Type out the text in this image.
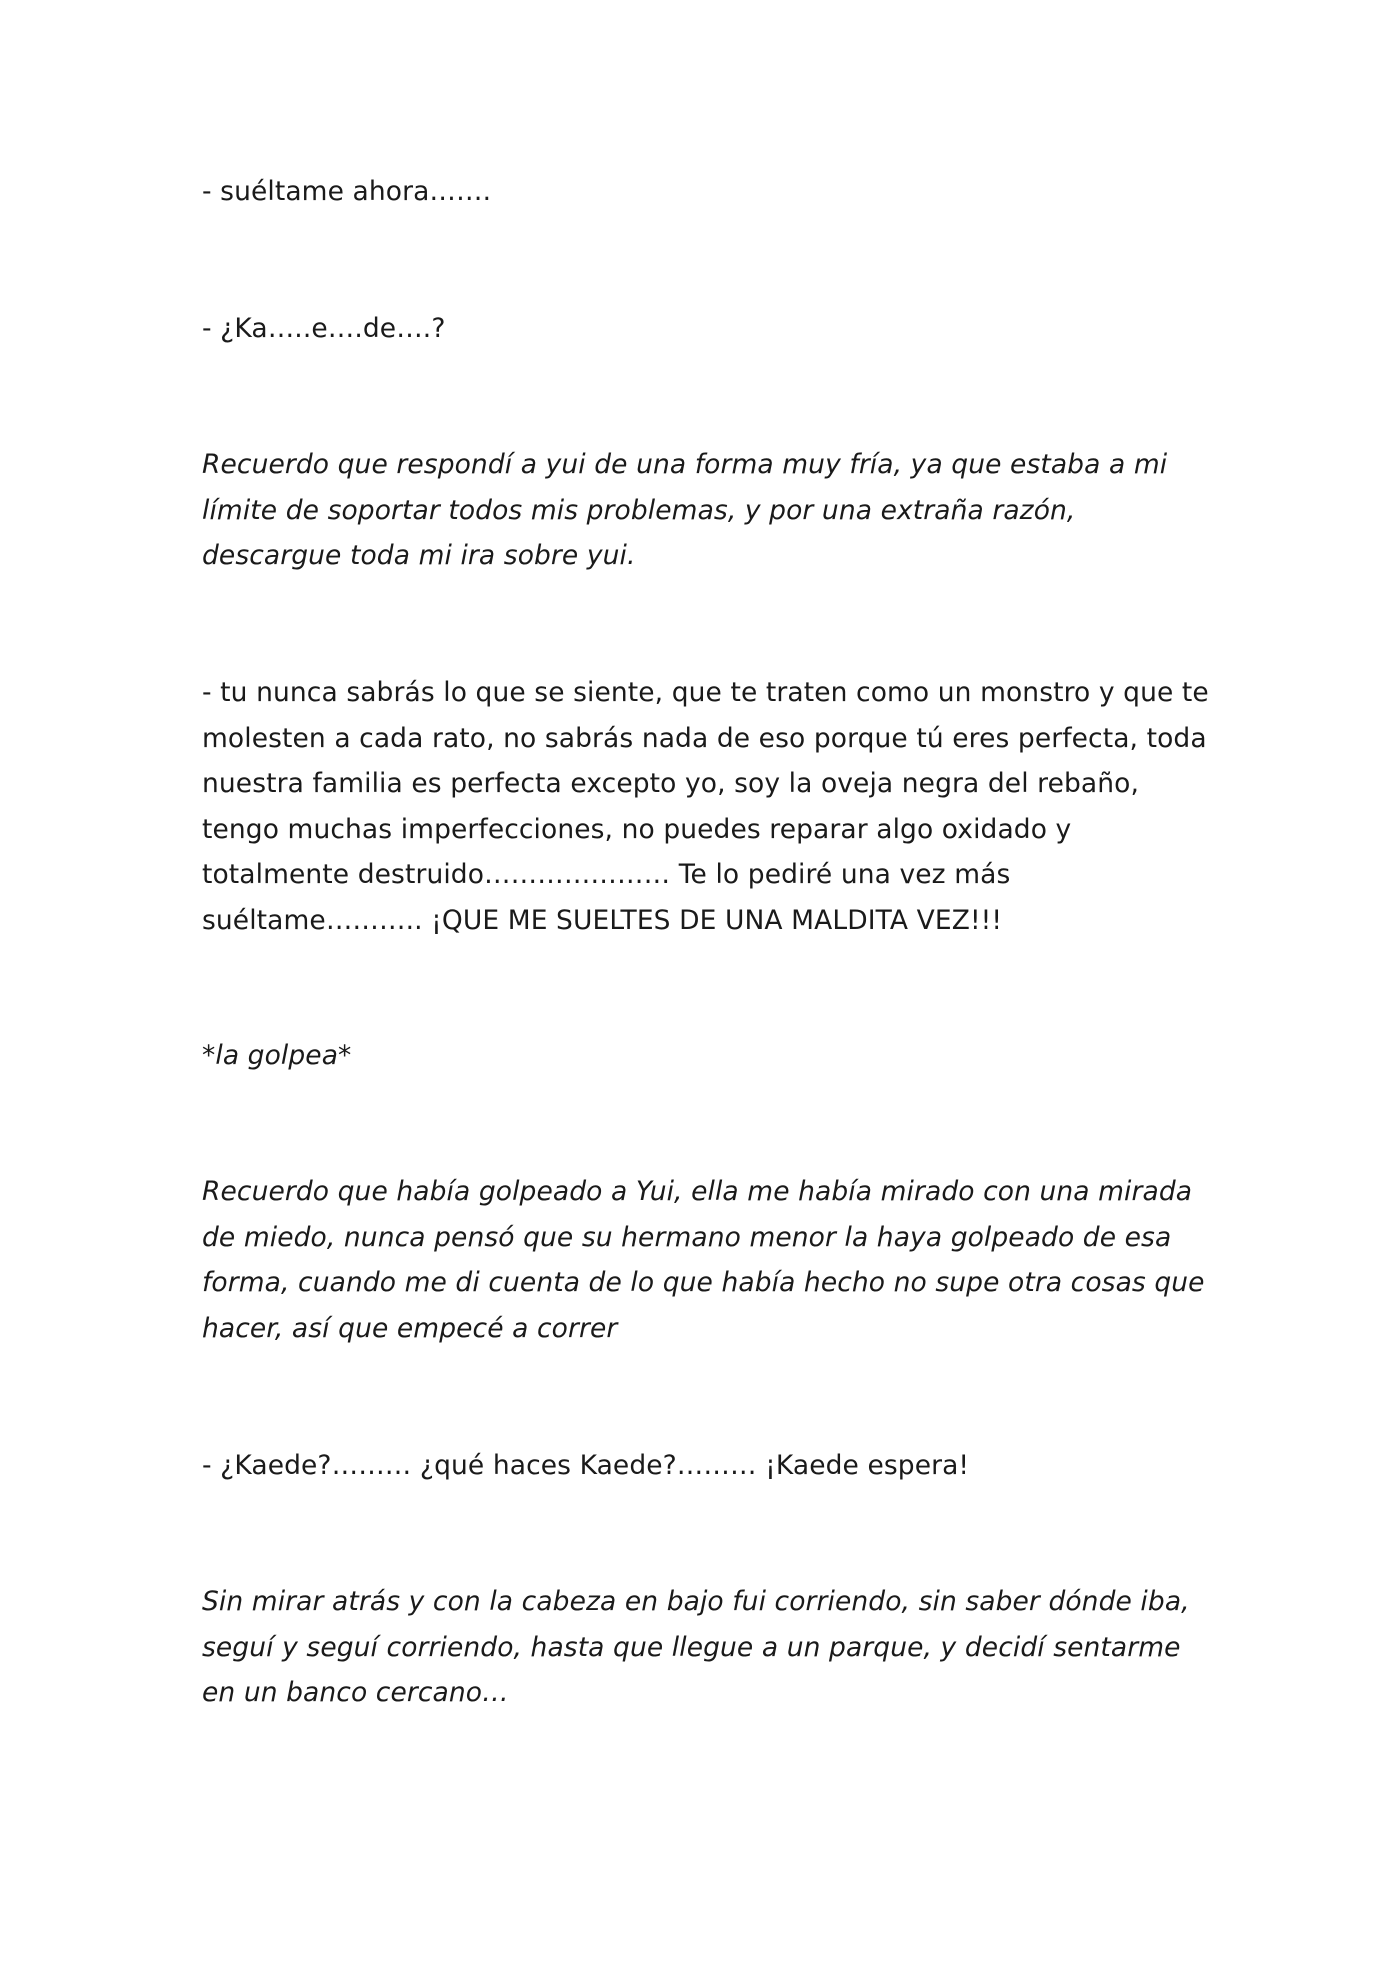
- suéltame ahora…….

- ¿Ka…..e….de….?

Recuerdo que respondí a yui de una forma muy fría, ya que estaba a mi límite de soportar todos mis problemas, y por una extraña razón, descargue toda mi ira sobre yui.

- tu nunca sabrás lo que se siente, que te traten como un monstro y que te molesten a cada rato, no sabrás nada de eso porque tú eres perfecta, toda nuestra familia es perfecta excepto yo, soy la oveja negra del rebaño, tengo muchas imperfecciones, no puedes reparar algo oxidado y totalmente destruido………………… Te lo pediré una vez más suéltame……….. ¡QUE ME SUELTES DE UNA MALDITA VEZ!!!

*la golpea*

Recuerdo que había golpeado a Yui, ella me había mirado con una mirada de miedo, nunca pensó que su hermano menor la haya golpeado de esa forma, cuando me di cuenta de lo que había hecho no supe otra cosas que hacer, así que empecé a correr

- ¿Kaede?……… ¿qué haces Kaede?……… ¡Kaede espera!

Sin mirar atrás y con la cabeza en bajo fui corriendo, sin saber dónde iba, seguí y seguí corriendo, hasta que llegue a un parque, y decidí sentarme en un banco cercano…
